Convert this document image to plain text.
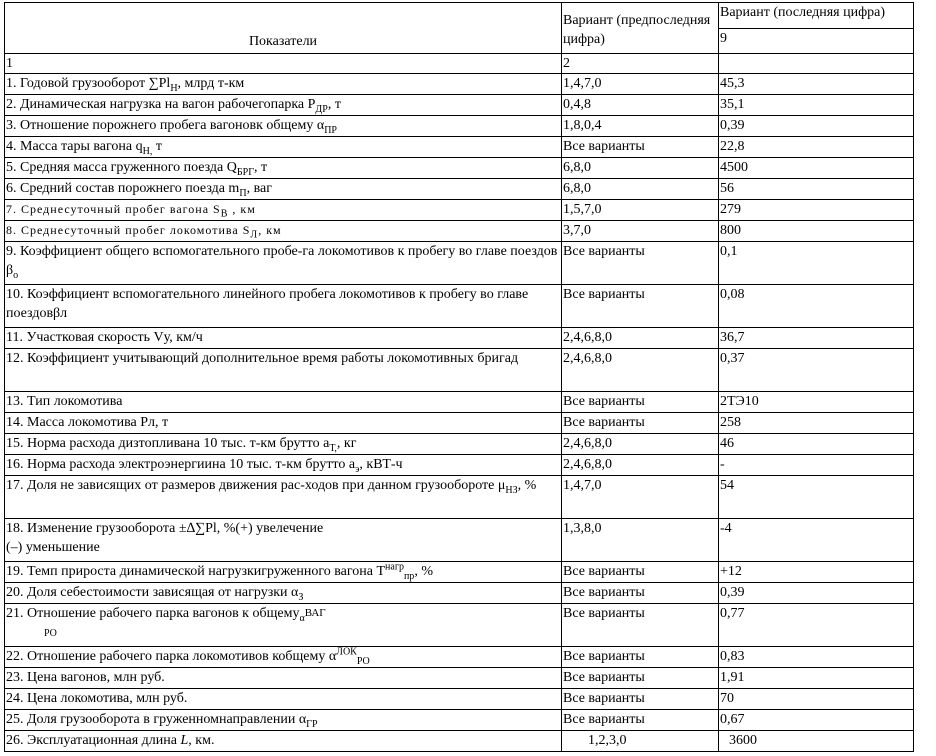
Показатели	Вариант (предпоследняя цифра)	Вариант (последняя цифра)
		9
1	2	
1. Годовой грузооборот $\sum Pl_Н$, млрд т-км	1,4,7,0	45,3
2. Динамическая нагрузка на вагон рабочегопарка $Р_{ДР}$, т	0,4,8	35,1
3. Отношение порожнего пробега вагоновк общему $\alpha_{ПР}$	1,8,0,4	0,39
4. Масса тары вагона $q_{Н,}$ т	Все варианты	22,8
5. Средняя масса груженного поезда $Q_{БРГ}$, т	6,8,0	4500
6. Средний состав порожнего поезда $m_П$, ваг	6,8,0	56
7. Среднесуточный пробег вагона $S_В$ , км	1,5,7,0	279
8. Среднесуточный пробег локомотива $S_Л$, км	3,7,0	800
9. Коэффициент общего вспомогательного пробе-га локомотивов к пробегу во главе поездов $\beta_о$	Все варианты	0,1
10. Коэффициент вспомогательного линейного пробега локомотивов к пробегу во главе поездовβл	Все варианты	0,08
11. Участковая скорость Vу, км/ч	2,4,6,8,0	36,7
12. Коэффициент учитывающий дополнительное время работы локомотивных бригад	2,4,6,8,0	0,37
13. Тип локомотива	Все варианты	2ТЭ10
14. Масса локомотива Рл, т	Все варианты	258
15. Норма расхода дизтопливана 10 тыс. т-км брутто $a_{Т,}$, кг	2,4,6,8,0	46
16. Норма расхода электроэнергиина 10 тыс. т-км брутто $a_э$, кВТ-ч	2,4,6,8,0	-
17. Доля не зависящих от размеров движения рас-ходов при данном грузообороте $\mu_{НЗ}$, %	1,4,7,0	54
18. Изменение грузооборота ±∆∑Pl, %(+) увелечение
(–) уменьшение	1,3,8,0	-4
19. Темп прироста динамической нагрузкигруженного вагона $Т^{нагр}_{пр}$, %	Все варианты	+12
20. Доля себестоимости зависящая от нагрузки $\alpha_З$	Все варианты	0,39
21. Отношение рабочего парка вагонов к общему$_\alpha^{ВАГ}$
РО	Все варианты	0,77
22. Отношение рабочего парка локомотивов кобщему $\alpha^{ЛОК}_{РО}$	Все варианты	0,83
23. Цена вагонов, млн руб.	Все варианты	1,91
24. Цена локомотива, млн руб.	Все варианты	70
25. Доля грузооборота в груженномнаправлении $\alpha_{ГР}$	Все варианты	0,67
26. Эксплуатационная длина L, км.	1,2,3,0	3600
